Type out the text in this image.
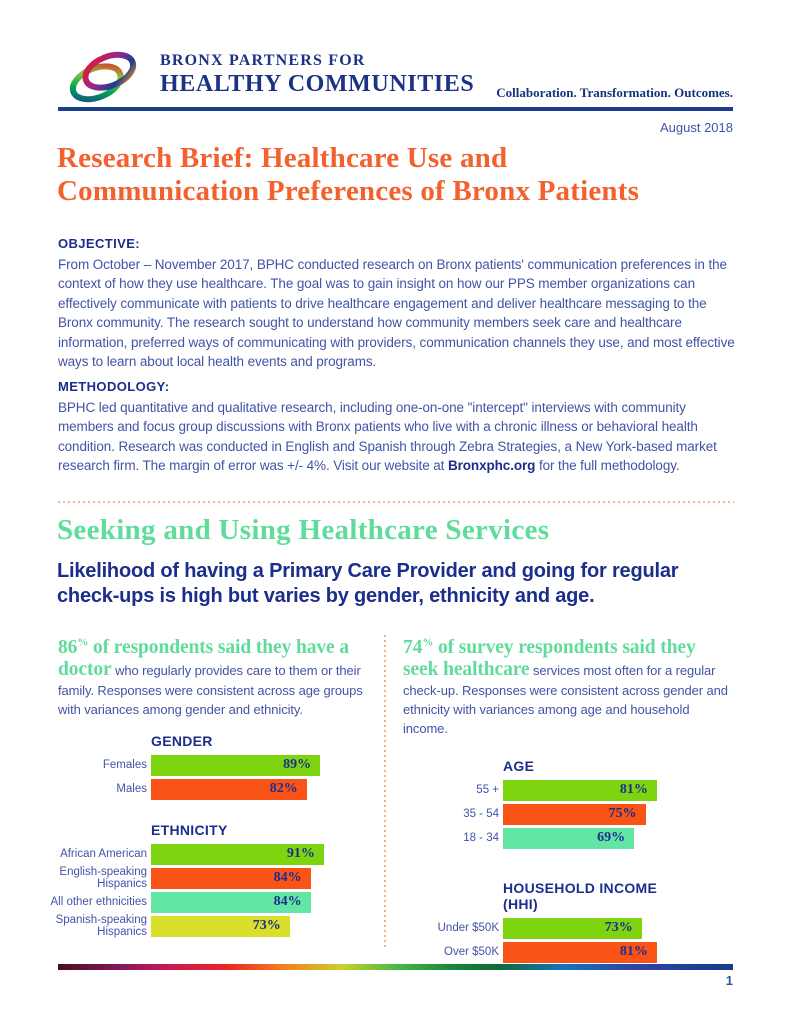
BRONX PARTNERS FOR
HEALTHY COMMUNITIES Collaboration. Transformation. Outcomes.
August 2018
Research Brief: Healthcare Use and Communication Preferences of Bronx Patients
OBJECTIVE:

From October – November 2017, BPHC conducted research on Bronx patients' communication preferences in the context of how they use healthcare. The goal was to gain insight on how our PPS member organizations can effectively communicate with patients to drive healthcare engagement and deliver healthcare messaging to the Bronx community. The research sought to understand how community members seek care and healthcare information, preferred ways of communicating with providers, communication channels they use, and most effective ways to learn about local health events and programs.

METHODOLOGY:

BPHC led quantitative and qualitative research, including one-on-one "intercept" interviews with community members and focus group discussions with Bronx patients who live with a chronic illness or behavioral health condition. Research was conducted in English and Spanish through Zebra Strategies, a New York-based market research firm. The margin of error was +/- 4%. Visit our website at Bronxphc.org for the full methodology.

Seeking and Using Healthcare Services
Likelihood of having a Primary Care Provider and going for regular check-ups is high but varies by gender, ethnicity and age.

86% of respondents said they have a doctor who regularly provides care to them or their family. Responses were consistent across age groups with variances among gender and ethnicity.

GENDER
Females	89%
Males	82%
ETHNICITY
African American	91%
English-speaking Hispanics	84%
All other ethnicities	84%
Spanish-speaking Hispanics	73%

74% of survey respondents said they seek healthcare services most often for a regular check-up. Responses were consistent across gender and ethnicity with variances among age and household income.

AGE
55 +	81%
35 - 54	75%
18 - 34	69%
HOUSEHOLD INCOME (HHI)
Under $50K	73%
Over $50K	81%
1
